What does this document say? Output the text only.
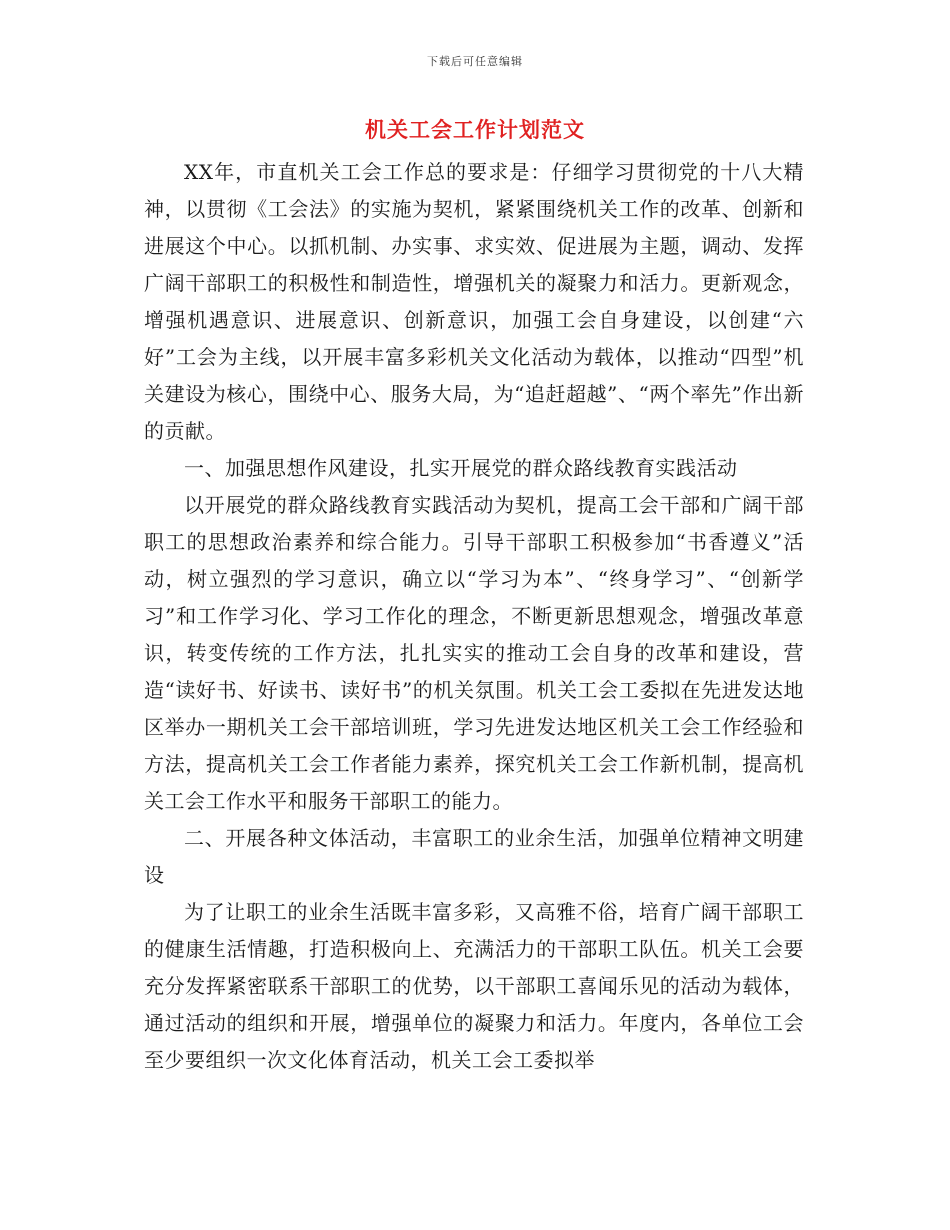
下载后可任意编辑
机关工会工作计划范文

XX年，市直机关工会工作总的要求是：仔细学习贯彻党的十八大精神，以贯彻《工会法》的实施为契机，紧紧围绕机关工作的改革、创新和进展这个中心。以抓机制、办实事、求实效、促进展为主题，调动、发挥广阔干部职工的积极性和制造性，增强机关的凝聚力和活力。更新观念，增强机遇意识、进展意识、创新意识，加强工会自身建设，以创建“六好”工会为主线，以开展丰富多彩机关文化活动为载体，以推动“四型”机关建设为核心，围绕中心、服务大局，为“追赶超越”、“两个率先”作出新的贡献。

一、加强思想作风建设，扎实开展党的群众路线教育实践活动

以开展党的群众路线教育实践活动为契机，提高工会干部和广阔干部职工的思想政治素养和综合能力。引导干部职工积极参加“书香遵义”活动，树立强烈的学习意识，确立以“学习为本”、“终身学习”、“创新学习”和工作学习化、学习工作化的理念，不断更新思想观念，增强改革意识，转变传统的工作方法，扎扎实实的推动工会自身的改革和建设，营造“读好书、好读书、读好书”的机关氛围。机关工会工委拟在先进发达地区举办一期机关工会干部培训班，学习先进发达地区机关工会工作经验和方法，提高机关工会工作者能力素养，探究机关工会工作新机制，提高机关工会工作水平和服务干部职工的能力。

二、开展各种文体活动，丰富职工的业余生活，加强单位精神文明建设

为了让职工的业余生活既丰富多彩，又高雅不俗，培育广阔干部职工的健康生活情趣，打造积极向上、充满活力的干部职工队伍。机关工会要充分发挥紧密联系干部职工的优势，以干部职工喜闻乐见的活动为载体，通过活动的组织和开展，增强单位的凝聚力和活力。年度内，各单位工会至少要组织一次文化体育活动，机关工会工委拟举
